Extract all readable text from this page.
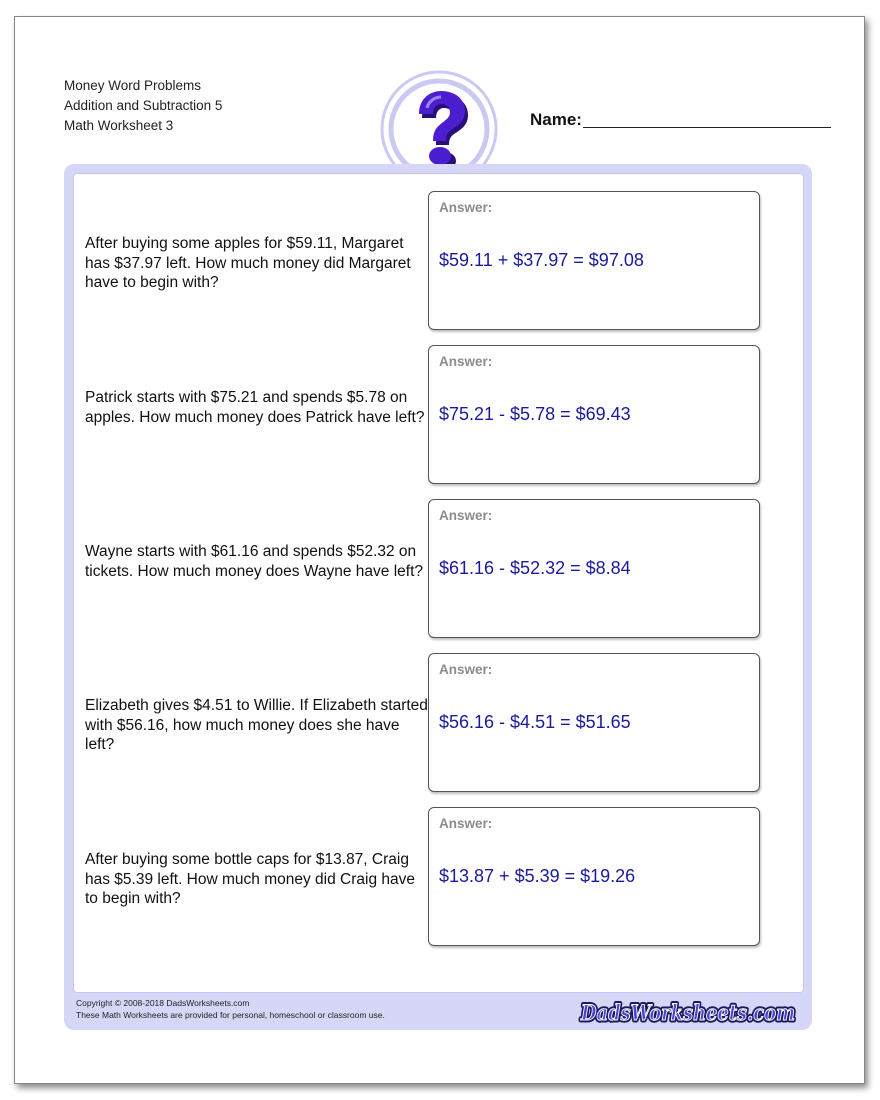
Money Word Problems
Addition and Subtraction 5
Math Worksheet 3	Name:
After buying some apples for $59.11, Margaret has $37.97 left. How much money did Margaret have to begin with?
Answer:
$59.11 + $37.97 = $97.08
Patrick starts with $75.21 and spends $5.78 on apples. How much money does Patrick have left?
Answer:
$75.21 - $5.78 = $69.43
Wayne starts with $61.16 and spends $52.32 on tickets. How much money does Wayne have left?
Answer:
$61.16 - $52.32 = $8.84
Elizabeth gives $4.51 to Willie. If Elizabeth started with $56.16, how much money does she have left?
Answer:
$56.16 - $4.51 = $51.65
After buying some bottle caps for $13.87, Craig has $5.39 left. How much money did Craig have to begin with?
Answer:
$13.87 + $5.39 = $19.26
Copyright © 2008-2018 DadsWorksheets.com
These Math Worksheets are provided for personal, homeschool or classroom use.	DadsWorksheets.com
DadsWorksheets.com
